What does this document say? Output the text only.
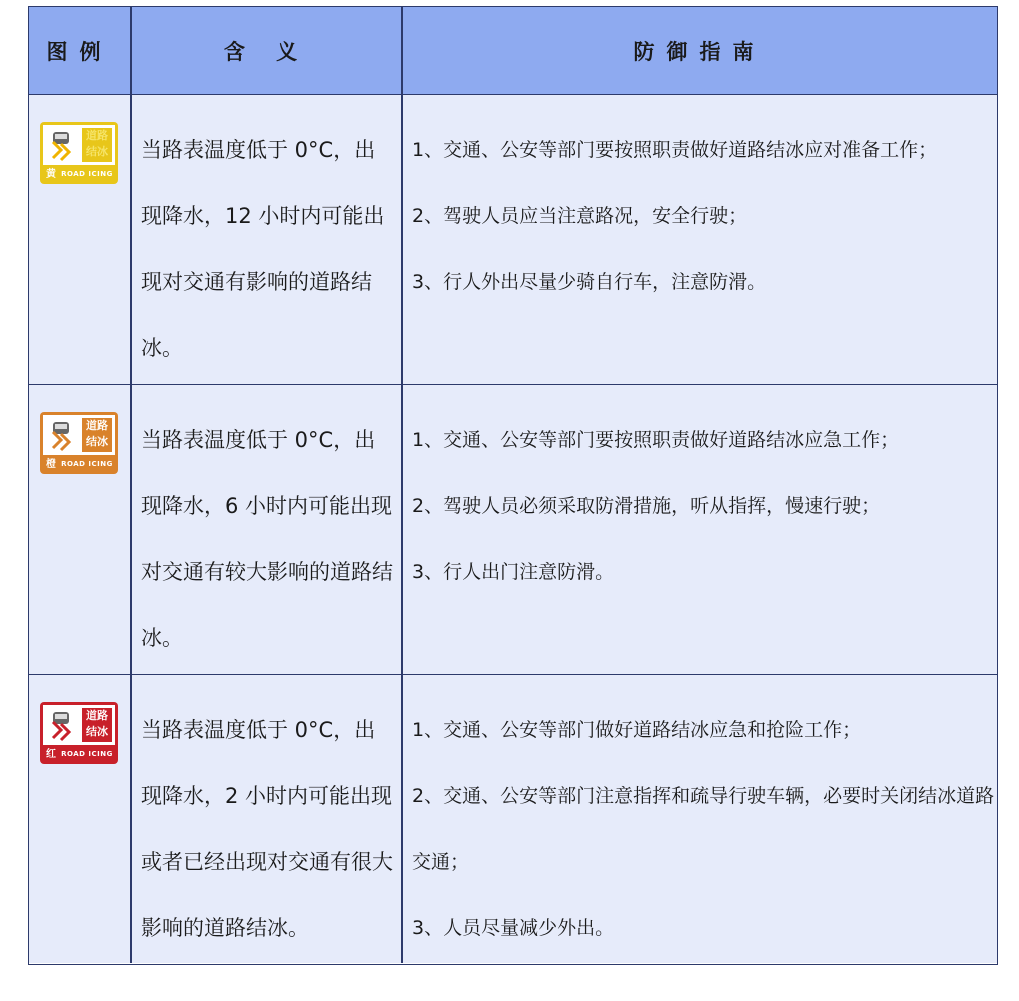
图例	含 义	防御指南
道路
结冰
黄 ROAD ICING

当路表温度低于 0°C，出现降水，12 小时内可能出现对交通有影响的道路结冰。

1、交通、公安等部门要按照职责做好道路结冰应对准备工作；

2、驾驶人员应当注意路况，安全行驶；

3、行人外出尽量少骑自行车，注意防滑。

道路
结冰
橙 ROAD ICING

当路表温度低于 0°C，出现降水，6 小时内可能出现对交通有较大影响的道路结冰。

1、交通、公安等部门要按照职责做好道路结冰应急工作；

2、驾驶人员必须采取防滑措施，听从指挥，慢速行驶；

3、行人出门注意防滑。

道路
结冰
红 ROAD ICING

当路表温度低于 0°C，出现降水，2 小时内可能出现或者已经出现对交通有很大影响的道路结冰。

1、交通、公安等部门做好道路结冰应急和抢险工作；

2、交通、公安等部门注意指挥和疏导行驶车辆，必要时关闭结冰道路交通；

3、人员尽量减少外出。
